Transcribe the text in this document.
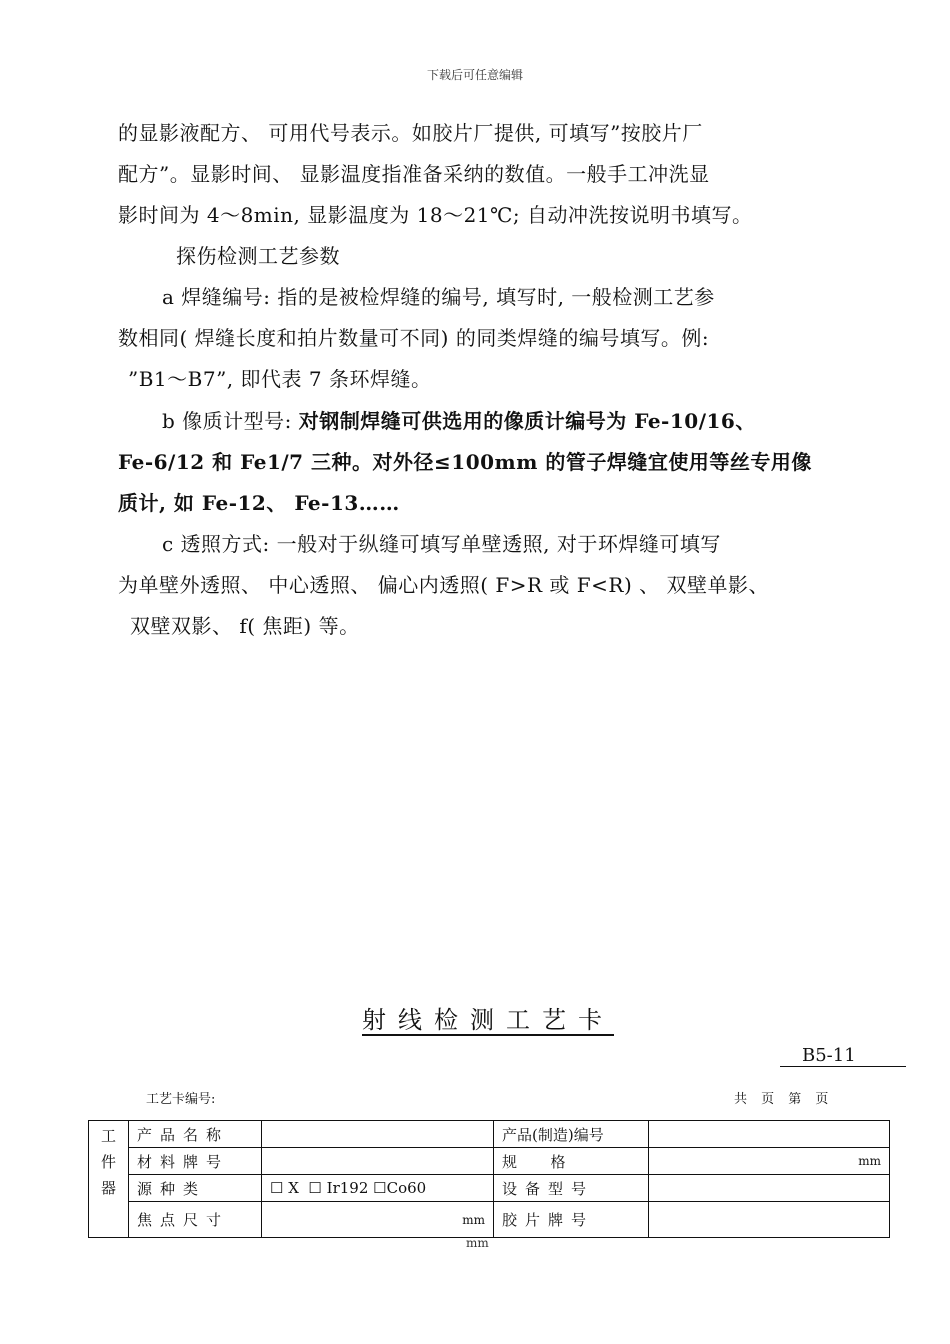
下载后可任意编辑
的显影液配方、 可用代号表示。如胶片厂提供, 可填写”按胶片厂
配方”。显影时间、 显影温度指准备采纳的数值。一般手工冲洗显
影时间为 4～8min, 显影温度为 18～21℃; 自动冲洗按说明书填写。
探伤检测工艺参数
a 焊缝编号: 指的是被检焊缝的编号, 填写时, 一般检测工艺参
数相同( 焊缝长度和拍片数量可不同) 的同类焊缝的编号填写。例:
”B1～B7”, 即代表 7 条环焊缝。
b 像质计型号: 对钢制焊缝可供选用的像质计编号为 Fe-10/16、
Fe-6/12 和 Fe1/7 三种。对外径≤100mm 的管子焊缝宜使用等丝专用像
质计, 如 Fe-12、 Fe-13……
c 透照方式: 一般对于纵缝可填写单壁透照, 对于环焊缝可填写
为单壁外透照、 中心透照、 偏心内透照( F>R 或 F<R) 、 双壁单影、
双壁双影、 f( 焦距) 等。
射线检测工艺卡
B5-11
工艺卡编号:	共 页 第 页
工
件
器	产品名称		产品(制造)编号	
	材料牌号		规  格	mm

	源种类	☐ X  ☐ Ir192 ☐Co60	设备型号	
	焦点尺寸	mm	胶片牌号	
mm
